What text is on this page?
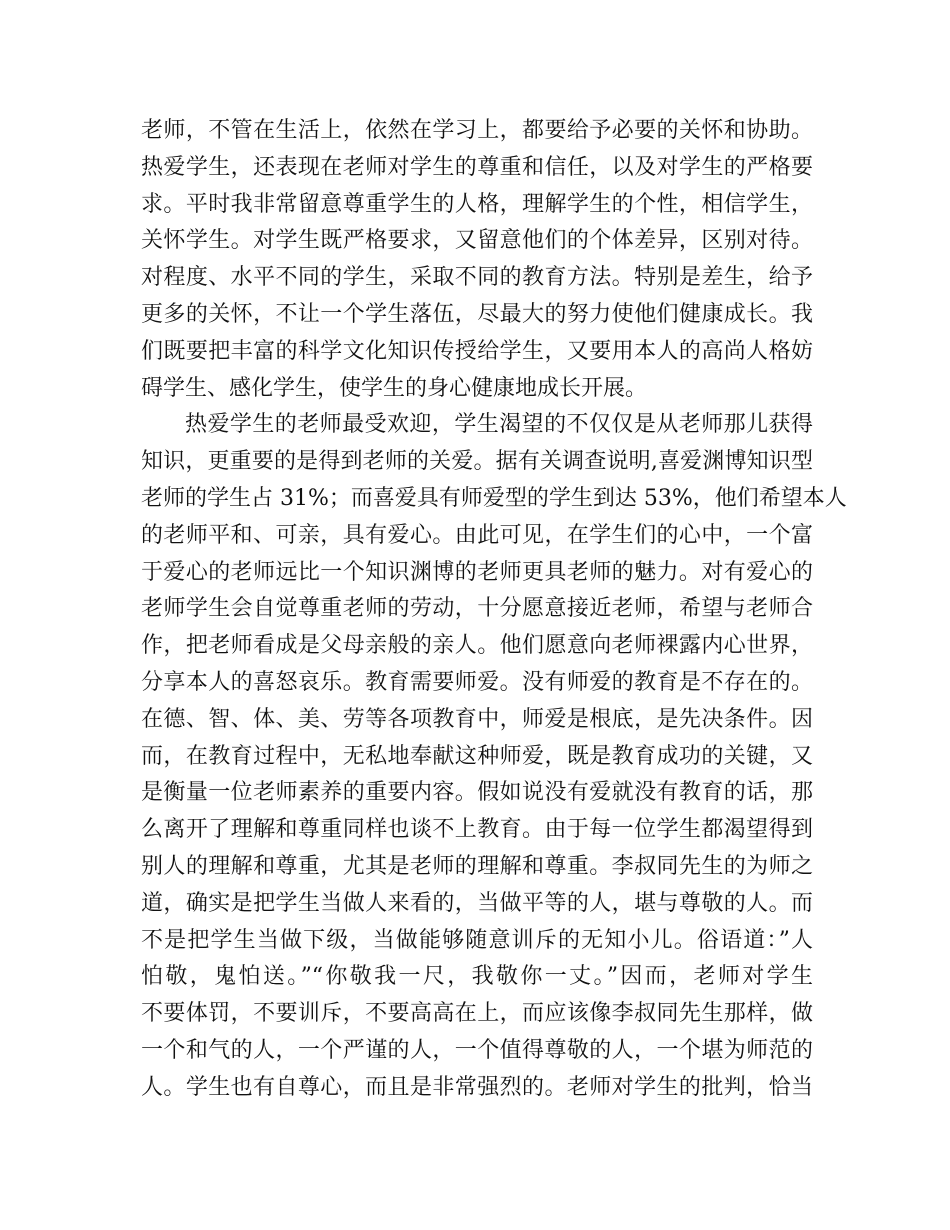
老师，不管在生活上，依然在学习上，都要给予必要的关怀和协助。
热爱学生，还表现在老师对学生的尊重和信任，以及对学生的严格要
求。平时我非常留意尊重学生的人格，理解学生的个性，相信学生，
关怀学生。对学生既严格要求，又留意他们的个体差异，区别对待。
对程度、水平不同的学生，采取不同的教育方法。特别是差生，给予
更多的关怀，不让一个学生落伍，尽最大的努力使他们健康成长。我
们既要把丰富的科学文化知识传授给学生，又要用本人的高尚人格妨
碍学生、感化学生，使学生的身心健康地成长开展。
热爱学生的老师最受欢迎，学生渴望的不仅仅是从老师那儿获得
知识，更重要的是得到老师的关爱。据有关调查说明,喜爱渊博知识型
老师的学生占 31%；而喜爱具有师爱型的学生到达 53%，他们希望本人
的老师平和、可亲，具有爱心。由此可见，在学生们的心中，一个富
于爱心的老师远比一个知识渊博的老师更具老师的魅力。对有爱心的
老师学生会自觉尊重老师的劳动，十分愿意接近老师，希望与老师合
作，把老师看成是父母亲般的亲人。他们愿意向老师裸露内心世界，
分享本人的喜怒哀乐。教育需要师爱。没有师爱的教育是不存在的。
在德、智、体、美、劳等各项教育中，师爱是根底，是先决条件。因
而，在教育过程中，无私地奉献这种师爱，既是教育成功的关键，又
是衡量一位老师素养的重要内容。假如说没有爱就没有教育的话，那
么离开了理解和尊重同样也谈不上教育。由于每一位学生都渴望得到
别人的理解和尊重，尤其是老师的理解和尊重。李叔同先生的为师之
道，确实是把学生当做人来看的，当做平等的人，堪与尊敬的人。而
不是把学生当做下级，当做能够随意训斥的无知小儿。俗语道：”人
怕敬，鬼怕送。”“你敬我一尺，我敬你一丈。”因而，老师对学生
不要体罚，不要训斥，不要高高在上，而应该像李叔同先生那样，做
一个和气的人，一个严谨的人，一个值得尊敬的人，一个堪为师范的
人。学生也有自尊心，而且是非常强烈的。老师对学生的批判，恰当
